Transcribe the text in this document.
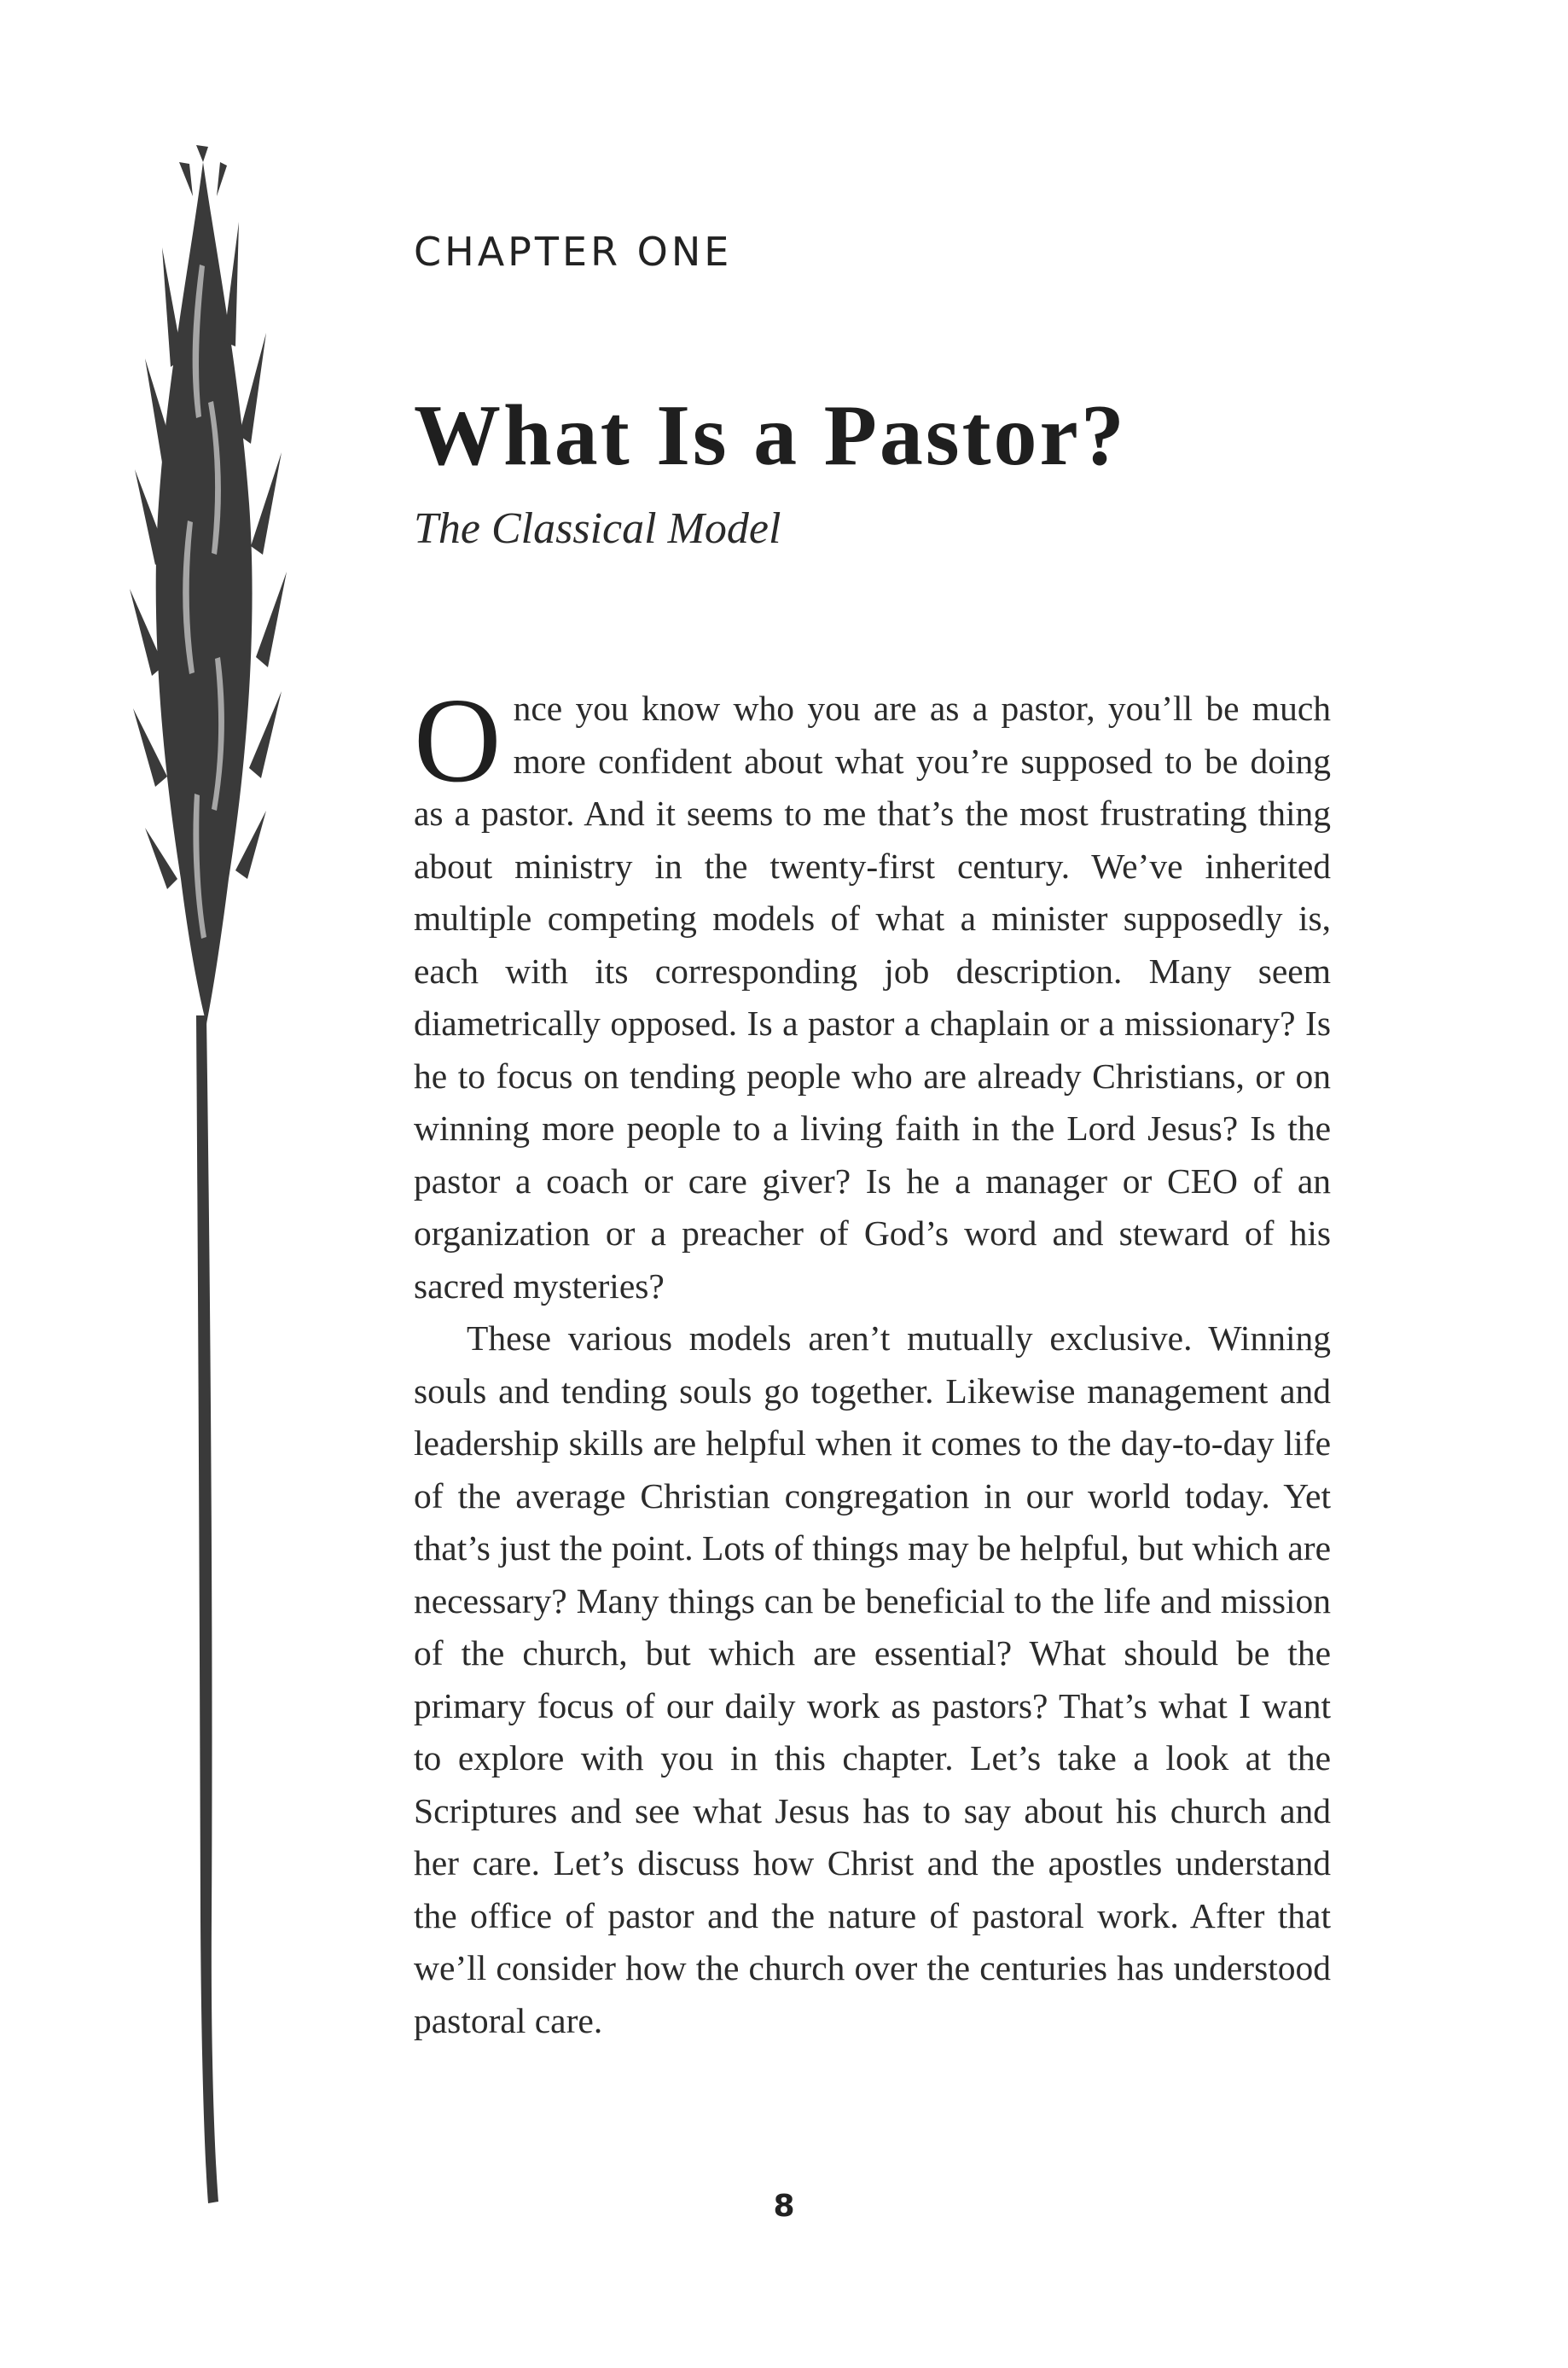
CHAPTER ONE
What Is a Pastor?
The Classical Model

Once you know who you are as a pastor, you’ll be much more confident about what you’re supposed to be doing as a pastor. And it seems to me that’s the most frustrating thing about ministry in the twenty-first century. We’ve inherited multiple competing models of what a minister supposedly is, each with its corresponding job description. Many seem diametrically opposed. Is a pastor a chaplain or a missionary? Is he to focus on tending people who are already Christians, or on winning more people to a living faith in the Lord Jesus? Is the pastor a coach or care giver? Is he a manager or CEO of an organization or a preacher of God’s word and steward of his sacred mysteries?

These various models aren’t mutually exclusive. Winning souls and tending souls go together. Likewise management and leadership skills are helpful when it comes to the day-to-day life of the average Christian congregation in our world today. Yet that’s just the point. Lots of things may be helpful, but which are necessary? Many things can be beneficial to the life and mission of the church, but which are essential? What should be the primary focus of our daily work as pastors? That’s what I want to explore with you in this chapter. Let’s take a look at the Scriptures and see what Jesus has to say about his church and her care. Let’s discuss how Christ and the apostles understand the office of pastor and the nature of pastoral work. After that we’ll consider how the church over the centuries has understood pastoral care.

8
